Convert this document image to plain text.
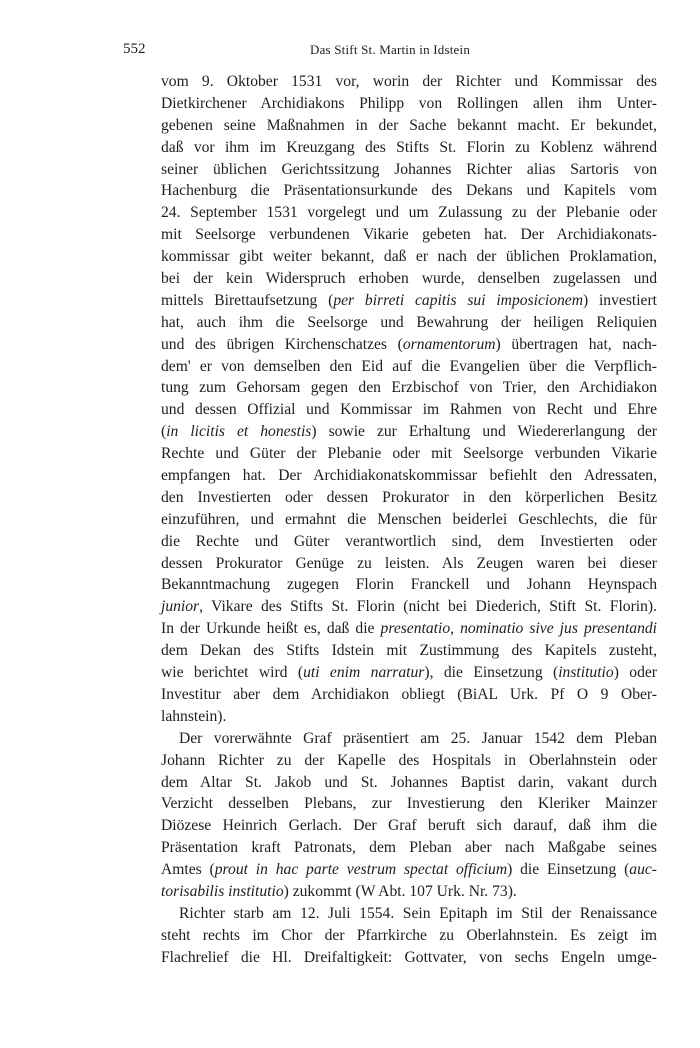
552	Das Stift St. Martin in Idstein
vom 9. Oktober 1531 vor, worin der Richter und Kommissar des
Dietkirchener Archidiakons Philipp von Rollingen allen ihm Unter-
gebenen seine Maßnahmen in der Sache bekannt macht. Er bekundet,
daß vor ihm im Kreuzgang des Stifts St. Florin zu Koblenz während
seiner üblichen Gerichtssitzung Johannes Richter alias Sartoris von
Hachenburg die Präsentationsurkunde des Dekans und Kapitels vom
24. September 1531 vorgelegt und um Zulassung zu der Plebanie oder
mit Seelsorge verbundenen Vikarie gebeten hat. Der Archidiakonats-
kommissar gibt weiter bekannt, daß er nach der üblichen Proklamation,
bei der kein Widerspruch erhoben wurde, denselben zugelassen und
mittels Birettaufsetzung (per birreti capitis sui imposicionem) investiert
hat, auch ihm die Seelsorge und Bewahrung der heiligen Reliquien
und des übrigen Kirchenschatzes (ornamentorum) übertragen hat, nach-
dem' er von demselben den Eid auf die Evangelien über die Verpflich-
tung zum Gehorsam gegen den Erzbischof von Trier, den Archidiakon
und dessen Offizial und Kommissar im Rahmen von Recht und Ehre
(in licitis et honestis) sowie zur Erhaltung und Wiedererlangung der
Rechte und Güter der Plebanie oder mit Seelsorge verbunden Vikarie
empfangen hat. Der Archidiakonatskommissar befiehlt den Adressaten,
den Investierten oder dessen Prokurator in den körperlichen Besitz
einzuführen, und ermahnt die Menschen beiderlei Geschlechts, die für
die Rechte und Güter verantwortlich sind, dem Investierten oder
dessen Prokurator Genüge zu leisten. Als Zeugen waren bei dieser
Bekanntmachung zugegen Florin Franckell und Johann Heynspach
junior, Vikare des Stifts St. Florin (nicht bei Diederich, Stift St. Florin).
In der Urkunde heißt es, daß die presentatio, nominatio sive jus presentandi
dem Dekan des Stifts Idstein mit Zustimmung des Kapitels zusteht,
wie berichtet wird (uti enim narratur), die Einsetzung (institutio) oder
Investitur aber dem Archidiakon obliegt (BiAL Urk. Pf O 9 Ober-
lahnstein).
Der vorerwähnte Graf präsentiert am 25. Januar 1542 dem Pleban
Johann Richter zu der Kapelle des Hospitals in Oberlahnstein oder
dem Altar St. Jakob und St. Johannes Baptist darin, vakant durch
Verzicht desselben Plebans, zur Investierung den Kleriker Mainzer
Diözese Heinrich Gerlach. Der Graf beruft sich darauf, daß ihm die
Präsentation kraft Patronats, dem Pleban aber nach Maßgabe seines
Amtes (prout in hac parte vestrum spectat officium) die Einsetzung (auc-
torisabilis institutio) zukommt (W Abt. 107 Urk. Nr. 73).
Richter starb am 12. Juli 1554. Sein Epitaph im Stil der Renaissance
steht rechts im Chor der Pfarrkirche zu Oberlahnstein. Es zeigt im
Flachrelief die Hl. Dreifaltigkeit: Gottvater, von sechs Engeln umge-
